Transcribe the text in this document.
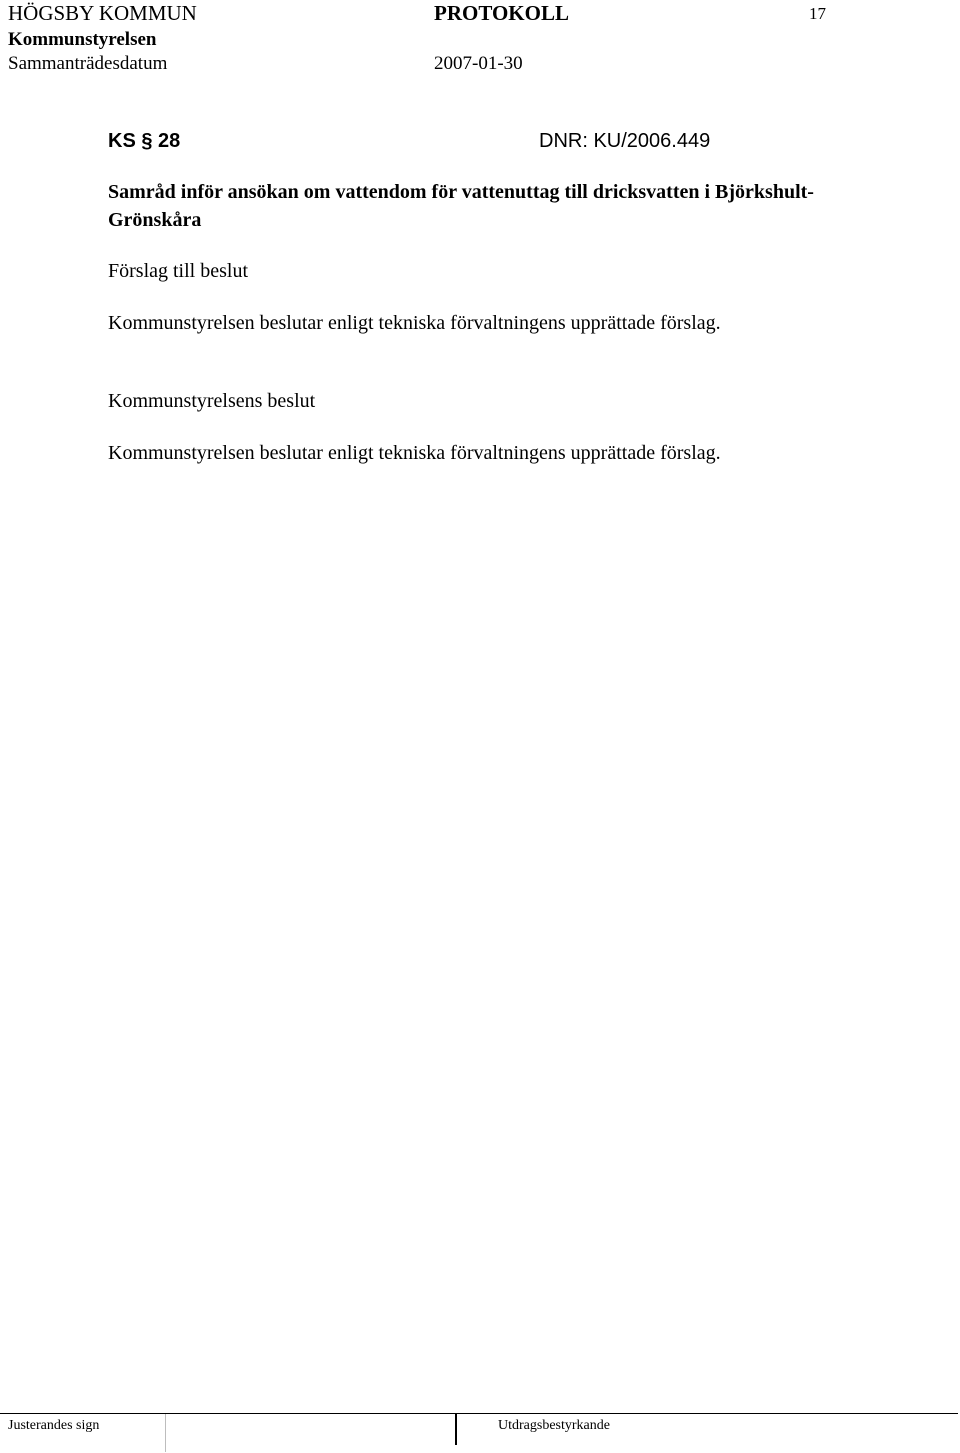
HÖGSBY KOMMUN	PROTOKOLL	17
Kommunstyrelsen
Sammanträdesdatum	2007-01-30
KS § 28	DNR: KU/2006.449
Samråd inför ansökan om vattendom för vattenuttag till dricksvatten i Björkshult-Grönskåra
Förslag till beslut
Kommunstyrelsen beslutar enligt tekniska förvaltningens upprättade förslag.
Kommunstyrelsens beslut
Kommunstyrelsen beslutar enligt tekniska förvaltningens upprättade förslag.
Justerandes sign	Utdragsbestyrkande
